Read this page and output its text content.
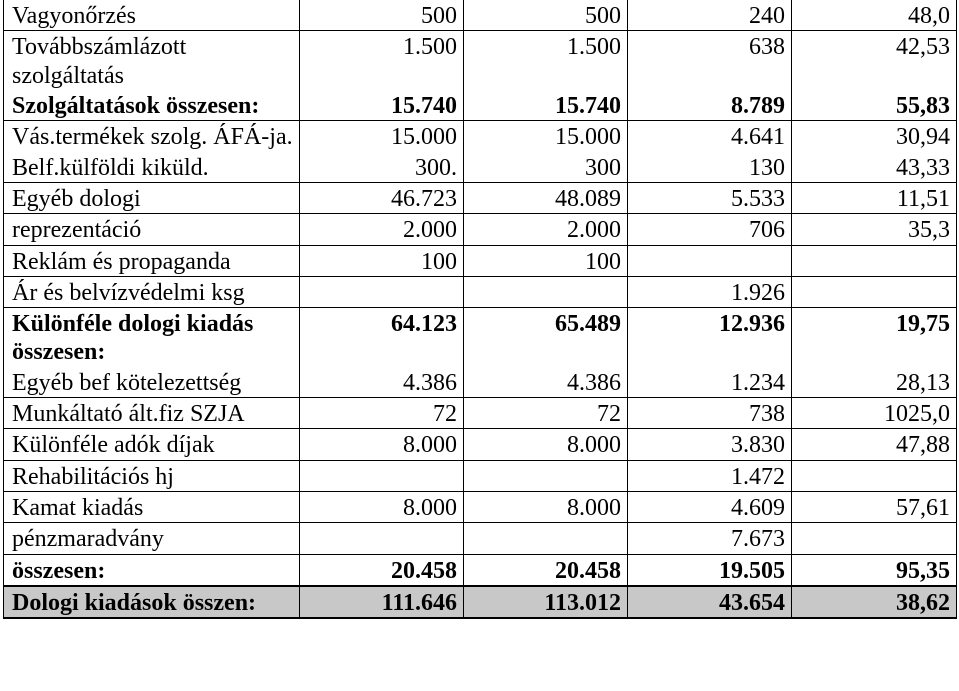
Vagyonőrzés	500	500	240	48,0
Továbbszámlázott szolgáltatás	1.500	1.500	638	42,53
Szolgáltatások összesen:	15.740	15.740	8.789	55,83
Vás.termékek szolg. ÁFÁ-ja.	15.000	15.000	4.641	30,94
Belf.külföldi kiküld.	300.	300	130	43,33
Egyéb dologi	46.723	48.089	5.533	11,51
reprezentáció	2.000	2.000	706	35,3
Reklám és propaganda	100	100		
Ár és belvízvédelmi ksg			1.926	
Különféle dologi kiadás összesen:	64.123	65.489	12.936	19,75
Egyéb bef kötelezettség	4.386	4.386	1.234	28,13
Munkáltató ált.fiz SZJA	72	72	738	1025,0
Különféle adók díjak	8.000	8.000	3.830	47,88
Rehabilitációs hj			1.472	
Kamat kiadás	8.000	8.000	4.609	57,61
pénzmaradvány			7.673	
összesen:	20.458	20.458	19.505	95,35
Dologi kiadások összen:	111.646	113.012	43.654	38,62
